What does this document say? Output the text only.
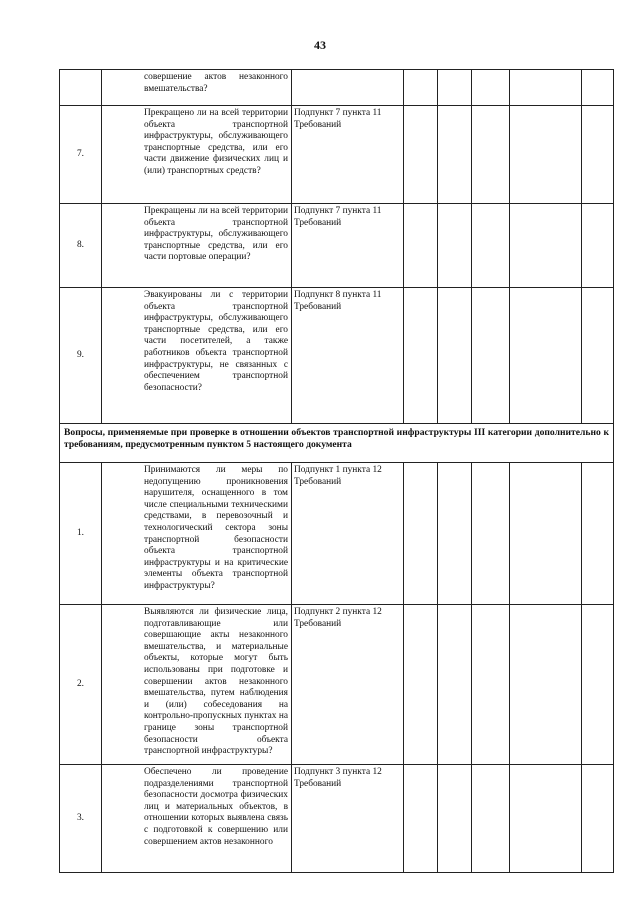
43

	совершение актов незаконного вмешательства?						

7.	Прекращено ли на всей территории объекта транспортной инфраструктуры, обслуживающего транспортные средства, или его части движение физических лиц и (или) транспортных средств?	Подпункт 7 пункта 11 Требований					
8.	Прекращены ли на всей территории объекта транспортной инфраструктуры, обслуживающего транспортные средства, или его части портовые операции?	Подпункт 7 пункта 11 Требований					
9.	Эвакуированы ли с территории объекта транспортной инфраструктуры, обслуживающего транспортные средства, или его части посетителей, а также работников объекта транспортной инфраструктуры, не связанных с обеспечением транспортной безопасности?	Подпункт 8 пункта 11 Требований					
Вопросы, применяемые при проверке в отношении объектов транспортной инфраструктуры III категории дополнительно к требованиям, предусмотренным пунктом 5 настоящего документа							
1.	Принимаются ли меры по недопущению проникновения нарушителя, оснащенного в том числе специальными техническими средствами, в перевозочный и технологический сектора зоны транспортной безопасности объекта транспортной инфраструктуры и на критические элементы объекта транспортной инфраструктуры?	Подпункт 1 пункта 12 Требований					
2.	Выявляются ли физические лица, подготавливающие или совершающие акты незаконного вмешательства, и материальные объекты, которые могут быть использованы при подготовке и совершении актов незаконного вмешательства, путем наблюдения и (или) собеседования на контрольно-пропускных пунктах на границе зоны транспортной безопасности объекта транспортной инфраструктуры?	Подпункт 2 пункта 12 Требований					
3.	Обеспечено ли проведение подразделениями транспортной безопасности досмотра физических лиц и материальных объектов, в отношении которых выявлена связь с подготовкой к совершению или совершением актов незаконного	Подпункт 3 пункта 12 Требований					
